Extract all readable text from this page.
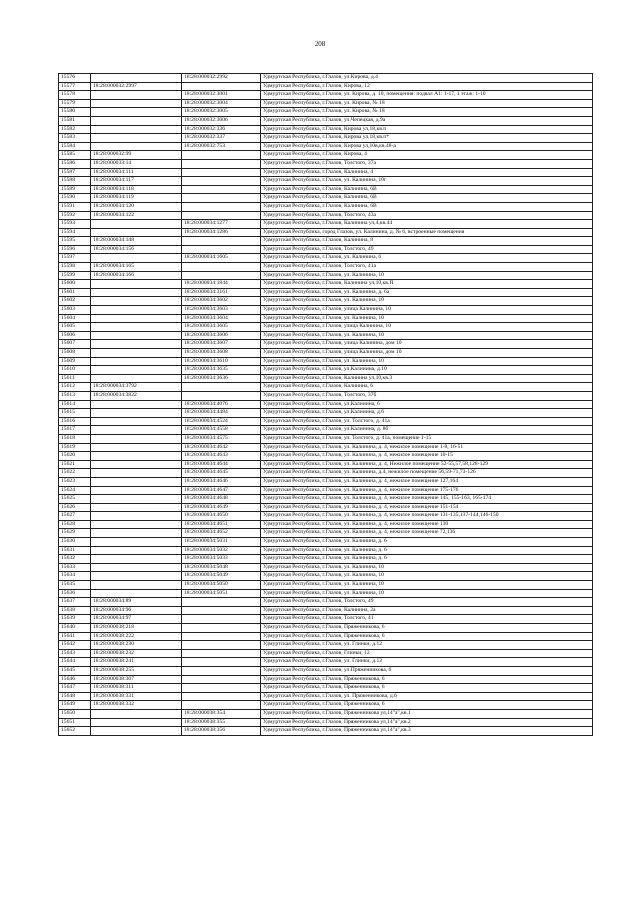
208
15576		18:28:000032:2992	Удмуртская Республика, г.Глазов, ул.Кирова, д.4
15577	18:28:000032:2997		Удмуртская Республика, г.Глазов, Кирова, 12
15578		18:28:000032:3001	Удмуртская Республика, г.Глазов, ул. Кирова, д. 10, помещения: подвал А1: 1-17, 1 этаж: 1-10
15579		18:28:000032:3004	Удмуртская Республика, г.Глазов, ул. Кирова, № 18
15580		18:28:000032:3005	Удмуртская Республика, г.Глазов, ул. Кирова, № 18
15581		18:28:000032:3006	Удмуртская Республика, г.Глазов, ул.Чепецкая, д.9а
15582		18:28:000032:336	Удмуртская Республика, г.Глазов, Кирова ул,18,кв.п
15583		18:28:000032:337	Удмуртская Республика, г.Глазов, Кирова ул,18,кв.п*
15584		18:28:000032:753	Удмуртская Республика, г.Глазов, Кирова ул,10в,кв.48-а
15585	18:28:000032:99		Удмуртская Республика, г.Глазов, Кирова, 4
15586	18:28:000033:14		Удмуртская Республика, г.Глазов, Толстого, 37а
15587	18:28:000034:111		Удмуртская Республика, г.Глазов, Калинина, 4
15588	18:28:000034:117		Удмуртская Республика, г.Глазов, ул. Калинина, 10г
15589	18:28:000034:118		Удмуртская Республика, г.Глазов, Калинина, 6В
15590	18:28:000034:119		Удмуртская Республика, г.Глазов, Калинина, 6В
15591	18:28:000034:120		Удмуртская Республика, г.Глазов, Калинина, 6В
15592	18:28:000034:122		Удмуртская Республика, г.Глазов, Толстого, 43а
15593		18:28:000034:1277	Удмуртская Республика, г.Глазов, Калинина ул,4,кв.44
15594		18:28:000034:1286	Удмуртская Республика, город Глазов, ул. Калинина, д. № 6, встроенные помещения
15595	18:28:000034:148		Удмуртская Республика, г.Глазов, Калинина, 8
15596	18:28:000034:156		Удмуртская Республика, г.Глазов, Толстого, 49
15597		18:28:000034:1605	Удмуртская Республика, г.Глазов, ул. Калинина, 6
15598	18:28:000034:165		Удмуртская Республика, г.Глазов, Толстого, 41а
15599	18:28:000034:166		Удмуртская Республика, г.Глазов, ул. Калинина, 10
15600		18:28:000034:1844	Удмуртская Республика, г.Глазов, Калинина ул,10,кв.П
15601		18:28:000034:3161	Удмуртская Республика, г.Глазов, ул. Калинина, д. 6а
15602		18:28:000034:3602	Удмуртская Республика, г.Глазов, ул. Калинина, 10
15603		18:28:000034:3603	Удмуртская Республика, г.Глазов, улица Калинина, 10
15604		18:28:000034:3604	Удмуртская Республика, г.Глазов, ул. Калинина, 10
15605		18:28:000034:3605	Удмуртская Республика, г.Глазов, улица Калинина, 10
15606		18:28:000034:3606	Удмуртская Республика, г.Глазов, ул. Калинина, 10
15607		18:28:000034:3607	Удмуртская Республика, г.Глазов, улица Калинина, дом 10
15608		18:28:000034:3608	Удмуртская Республика, г.Глазов, улица Калинина, дом 10
15609		18:28:000034:3610	Удмуртская Республика, г.Глазов, ул. Калинина, 10
15610		18:28:000034:3635	Удмуртская Республика, г.Глазов, ул.Калинина, д.10
15611		18:28:000034:3636	Удмуртская Республика, г.Глазов, Калинина ул,10,кв.3
15612	18:28:000034:3792		Удмуртская Республика, г.Глазов, Калинина, 6
15613	18:28:000034:3822		Удмуртская Республика, г.Глазов, Толстого, 37б
15614		18:28:000034:4076	Удмуртская Республика, г.Глазов, ул.Калинина, 6
15615		18:28:000034:4484	Удмуртская Республика, г.Глазов, ул.Калинина, д.6
15616		18:28:000034:4524	Удмуртская Республика, г.Глазов, ул. Толстого, д. 41а
15617		18:28:000034:4558	Удмуртская Республика, г.Глазов, ул.Калинина, д. 8б
15618		18:28:000034:4575	Удмуртская Республика, г.Глазов, ул. Толстого, д. 41а, помещение 1-15
15619		18:28:000034:4642	Удмуртская Республика, г.Глазов, ул. Калинина, д. 4, нежилое помещение 1-8, 16-51
15620		18:28:000034:4643	Удмуртская Республика, г.Глазов, ул. Калинина, д. 4, нежилое помещение 10-15
15621		18:28:000034:4644	Удмуртская Республика, г.Глазов, ул. Калинина, д. 4, Нежилое помещение 52-55,57,58,128-129
15622		18:28:000034:4645	Удмуртская Республика, г.Глазов, ул. Калинина, д.4, нежилое помещение 56,59-71,73-126
15623		18:28:000034:4646	Удмуртская Республика, г.Глазов, ул. Калинина, д. 4, нежилое помещение 127,164
15624		18:28:000034:4647	Удмуртская Республика, г.Глазов, ул. Калинина, д. 4, нежилое помещение 175-176
15625		18:28:000034:4648	Удмуртская Республика, г.Глазов, ул. Калинина, д. 4, нежилое помещение 145, 155-163, 165-174
15626		18:28:000034:4649	Удмуртская Республика, г.Глазов, ул. Калинина, д. 4, нежилое помещение 151-154
15627		18:28:000034:4650	Удмуртская Республика, г.Глазов, ул. Калинина, д. 4, нежилое помещение 131-135,137-144,146-150
15628		18:28:000034:4651	Удмуртская Республика, г.Глазов, ул. Калинина, д. 4, нежилое помещение 130
15629		18:28:000034:4652	Удмуртская Республика, г.Глазов, ул. Калинина, д. 4, нежилое помещение 72,136
15630		18:28:000034:5031	Удмуртская Республика, г.Глазов, ул. Калинина, д. 6
15631		18:28:000034:5032	Удмуртская Республика, г.Глазов, ул. Калинина, д. 6
15632		18:28:000034:5033	Удмуртская Республика, г.Глазов, ул. Калинина, д. 6
15633		18:28:000034:5048	Удмуртская Республика, г.Глазов, ул. Калинина, 10
15634		18:28:000034:5049	Удмуртская Республика, г.Глазов, ул. Калинина, 10
15635		18:28:000034:5050	Удмуртская Республика, г.Глазов, ул. Калинина, 10
15636		18:28:000034:5051	Удмуртская Республика, г.Глазов, ул. Калинина, 10
15637	18:28:000034:89		Удмуртская Республика, г.Глазов, Толстого, 49
15638	18:28:000034:96		Удмуртская Республика, г.Глазов, Калинина, 2а
15639	18:28:000034:97		Удмуртская Республика, г.Глазов, Толстого, 41
15640	18:28:000038:218		Удмуртская Республика, г.Глазов, Пряженникова, 6
15641	18:28:000038:222		Удмуртская Республика, г.Глазов, Пряженникова, 6
15642	18:28:000038:230		Удмуртская Республика, г.Глазов, ул. Глинки, д.12
15643	18:28:000038:232		Удмуртская Республика, г.Глазов, Глинки, 12
15644	18:28:000038:241		Удмуртская Республика, г.Глазов, ул. Глинки, д.12
15645	18:28:000038:255		Удмуртская Республика, г.Глазов, ул.Пряженникова, 6
15646	18:28:000038:307		Удмуртская Республика, г.Глазов, Пряженникова, 6
15647	18:28:000038:311		Удмуртская Республика, г.Глазов, Пряженникова, 6
15648	18:28:000038:331		Удмуртская Республика, г.Глазов, ул. Пряженникова, д.6
15649	18:28:000038:332		Удмуртская Республика, г.Глазов, Пряженникова, 6
15650		18:28:000038:354	Удмуртская Республика, г.Глазов, Пряженникова ул,14"а",кв.1
15651		18:28:000038:355	Удмуртская Республика, г.Глазов, Пряженникова ул,14"а",кв.2
15652		18:28:000038:356	Удмуртская Республика, г.Глазов, Пряженникова ул,14"а",кв.3
